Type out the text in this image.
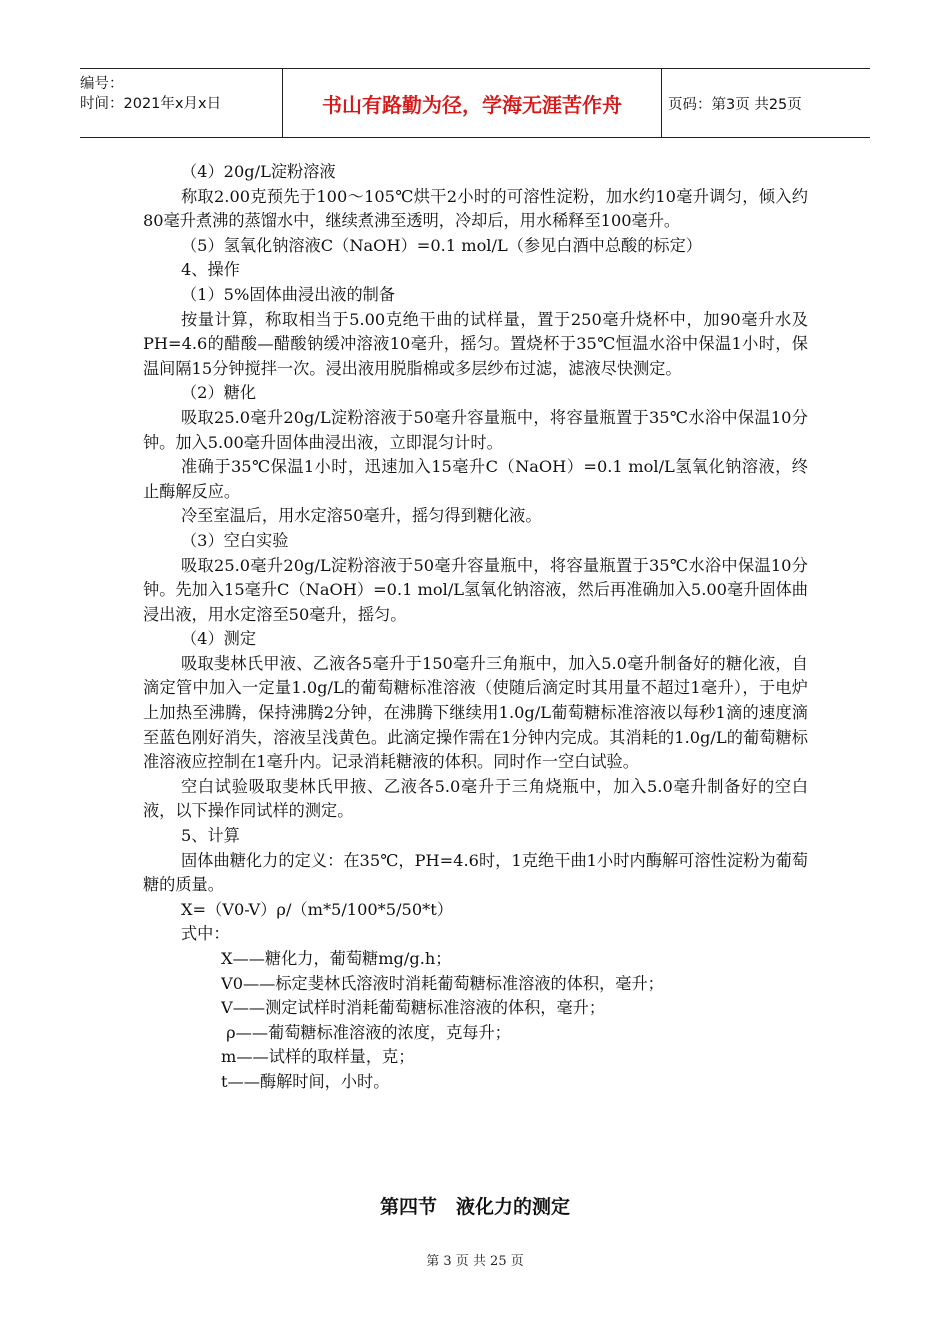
编号：
时间：2021年x月x日	书山有路勤为径，学海无涯苦作舟	页码：第3页 共25页

（4）20g/L淀粉溶液

称取2.00克预先于100～105℃烘干2小时的可溶性淀粉，加水约10毫升调匀，倾入约80毫升煮沸的蒸馏水中，继续煮沸至透明，冷却后，用水稀释至100毫升。

（5）氢氧化钠溶液C（NaOH）=0.1 mol/L（参见白酒中总酸的标定）

4、操作

（1）5%固体曲浸出液的制备

按量计算，称取相当于5.00克绝干曲的试样量，置于250毫升烧杯中，加90毫升水及PH=4.6的醋酸—醋酸钠缓冲溶液10毫升，摇匀。置烧杯于35℃恒温水浴中保温1小时，保温间隔15分钟搅拌一次。浸出液用脱脂棉或多层纱布过滤，滤液尽快测定。

（2）糖化

吸取25.0毫升20g/L淀粉溶液于50毫升容量瓶中，将容量瓶置于35℃水浴中保温10分钟。加入5.00毫升固体曲浸出液，立即混匀计时。

准确于35℃保温1小时，迅速加入15毫升C（NaOH）=0.1 mol/L氢氧化钠溶液，终止酶解反应。

冷至室温后，用水定溶50毫升，摇匀得到糖化液。

（3）空白实验

吸取25.0毫升20g/L淀粉溶液于50毫升容量瓶中，将容量瓶置于35℃水浴中保温10分钟。先加入15毫升C（NaOH）=0.1 mol/L氢氧化钠溶液，然后再准确加入5.00毫升固体曲浸出液，用水定溶至50毫升，摇匀。

（4）测定

吸取斐林氏甲液、乙液各5毫升于150毫升三角瓶中，加入5.0毫升制备好的糖化液，自滴定管中加入一定量1.0g/L的葡萄糖标准溶液（使随后滴定时其用量不超过1毫升），于电炉上加热至沸腾，保持沸腾2分钟，在沸腾下继续用1.0g/L葡萄糖标准溶液以每秒1滴的速度滴至蓝色刚好消失，溶液呈浅黄色。此滴定操作需在1分钟内完成。其消耗的1.0g/L的葡萄糖标准溶液应控制在1毫升内。记录消耗糖液的体积。同时作一空白试验。

空白试验吸取斐林氏甲掖、乙液各5.0毫升于三角烧瓶中，加入5.0毫升制备好的空白液，以下操作同试样的测定。

5、计算

固体曲糖化力的定义：在35℃，PH=4.6时，1克绝干曲1小时内酶解可溶性淀粉为葡萄糖的质量。

X=（V0-V）ρ/（m*5/100*5/50*t）

式中：

X——糖化力，葡萄糖mg/g.h；

V0——标定斐林氏溶液时消耗葡萄糖标准溶液的体积，毫升；

V——测定试样时消耗葡萄糖标准溶液的体积，毫升；

ρ——葡萄糖标准溶液的浓度，克每升；

m——试样的取样量，克；

t——酶解时间，小时。

第四节　液化力的测定
第 3 页 共 25 页
